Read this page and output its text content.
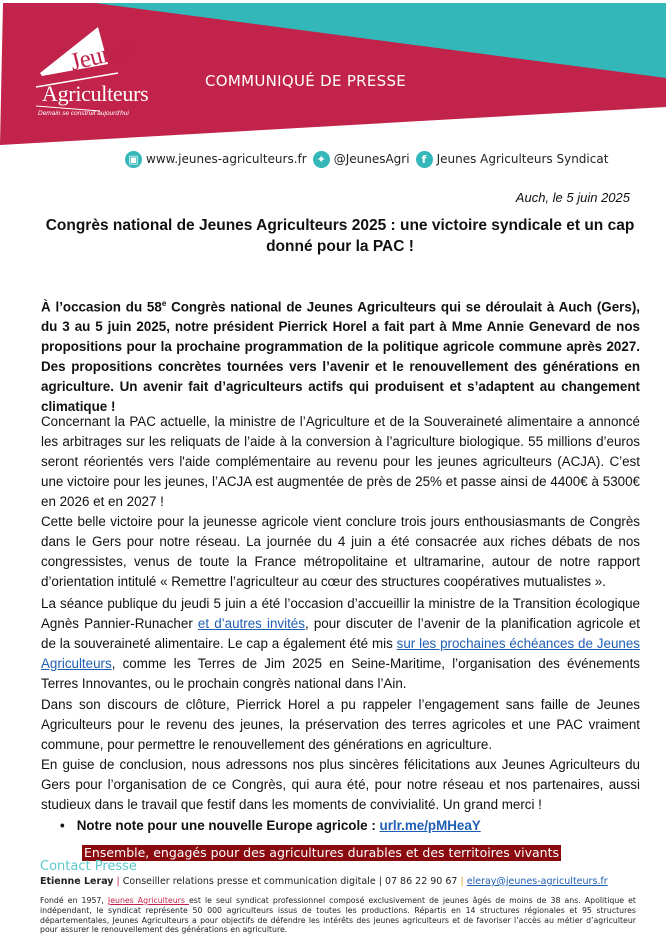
Jeunes
Agriculteurs
Demain se construit aujourd'hui
COMMUNIQUÉ DE PRESSE
▣ www.jeunes-agriculteurs.fr ✦ @JeunesAgri	f Jeunes Agriculteurs Syndicat
Auch, le 5 juin 2025
Congrès national de Jeunes Agriculteurs 2025 : une victoire syndicale et un cap donné pour la PAC !
À l’occasion du 58e Congrès national de Jeunes Agriculteurs qui se déroulait à Auch (Gers), du 3 au 5 juin 2025, notre président Pierrick Horel a fait part à Mme Annie Genevard de nos propositions pour la prochaine programmation de la politique agricole commune après 2027. Des propositions concrètes tournées vers l’avenir et le renouvellement des générations en agriculture. Un avenir fait d’agriculteurs actifs qui produisent et s’adaptent au changement climatique !
Concernant la PAC actuelle, la ministre de l’Agriculture et de la Souveraineté alimentaire a annoncé les arbitrages sur les reliquats de l’aide à la conversion à l’agriculture biologique. 55 millions d’euros seront réorientés vers l'aide complémentaire au revenu pour les jeunes agriculteurs (ACJA). C’est une victoire pour les jeunes, l’ACJA est augmentée de près de 25% et passe ainsi de 4400€ à 5300€ en 2026 et en 2027 !
Cette belle victoire pour la jeunesse agricole vient conclure trois jours enthousiasmants de Congrès dans le Gers pour notre réseau. La journée du 4 juin a été consacrée aux riches débats de nos congressistes, venus de toute la France métropolitaine et ultramarine, autour de notre rapport d’orientation intitulé « Remettre l’agriculteur au cœur des structures coopératives mutualistes ».
La séance publique du jeudi 5 juin a été l’occasion d’accueillir la ministre de la Transition écologique Agnès Pannier-Runacher et d’autres invités, pour discuter de l’avenir de la planification agricole et de la souveraineté alimentaire. Le cap a également été mis sur les prochaines échéances de Jeunes Agriculteurs, comme les Terres de Jim 2025 en Seine-Maritime, l’organisation des événements Terres Innovantes, ou le prochain congrès national dans l’Ain.
Dans son discours de clôture, Pierrick Horel a pu rappeler l’engagement sans faille de Jeunes Agriculteurs pour le revenu des jeunes, la préservation des terres agricoles et une PAC vraiment commune, pour permettre le renouvellement des générations en agriculture.
En guise de conclusion, nous adressons nos plus sincères félicitations aux Jeunes Agriculteurs du Gers pour l’organisation de ce Congrès, qui aura été, pour notre réseau et nos partenaires, aussi studieux dans le travail que festif dans les moments de convivialité. Un grand merci !
• Notre note pour une nouvelle Europe agricole : urlr.me/pMHeaY
Ensemble, engagés pour des agricultures durables et des territoires vivants
Contact Presse
Etienne Leray | Conseiller relations presse et communication digitale | 07 86 22 90 67 | eleray@jeunes-agriculteurs.fr
Fondé en 1957, Jeunes Agriculteurs est le seul syndicat professionnel composé exclusivement de jeunes âgés de moins de 38 ans. Apolitique et indépendant, le syndicat représente 50 000 agriculteurs issus de toutes les productions. Répartis en 14 structures régionales et 95 structures départementales, Jeunes Agriculteurs a pour objectifs de défendre les intérêts des jeunes agriculteurs et de favoriser l’accès au métier d’agriculteur pour assurer le renouvellement des générations en agriculture.
